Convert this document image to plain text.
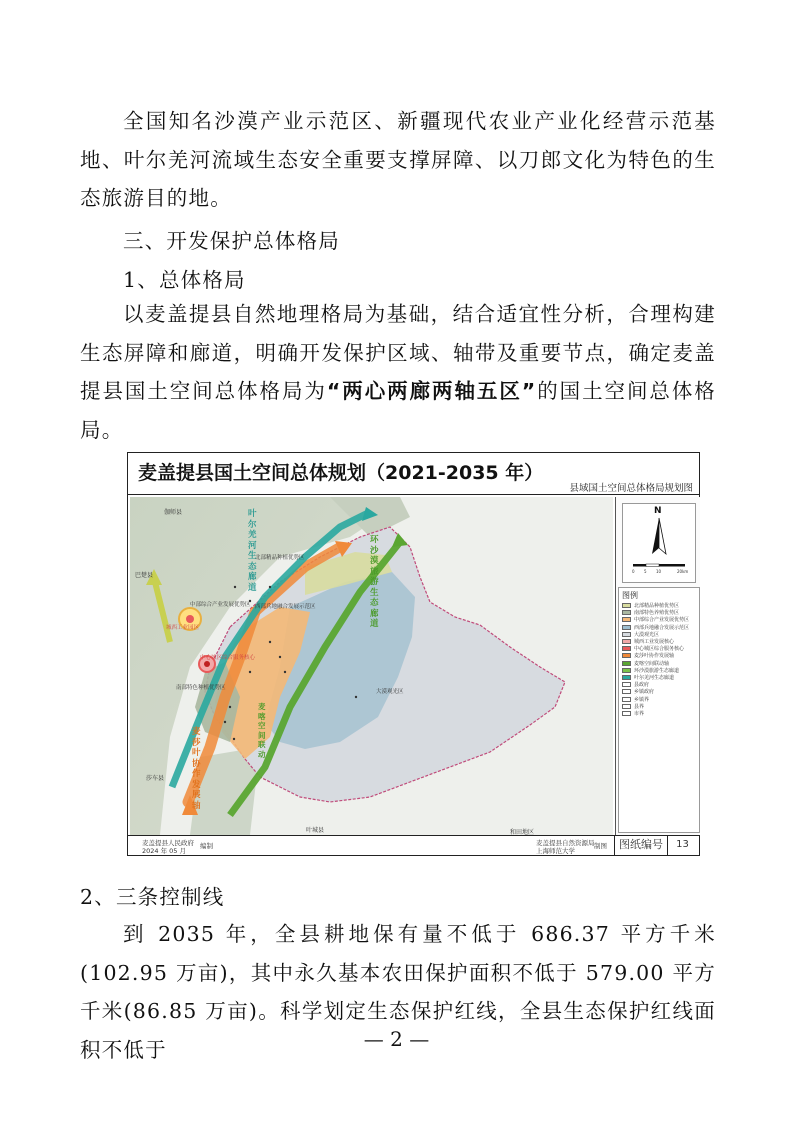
全国知名沙漠产业示范区、新疆现代农业产业化经营示范基地、叶尔羌河流域生态安全重要支撑屏障、以刀郎文化为特色的生态旅游目的地。

三、开发保护总体格局

1、总体格局

以麦盖提县自然地理格局为基础，结合适宜性分析，合理构建生态屏障和廊道，明确开发保护区域、轴带及重要节点，确定麦盖提县国土空间总体格局为“两心两廊两轴五区”的国土空间总体格局。

麦盖提县国土空间总体规划（2021-2035 年）
县域国土空间总体格局规划图
伽师县
巴楚县
莎车县
叶城县	和田地区
叶尔羌河生态廊道
环沙漠旅游生态廊道
麦莎叶协作发展轴
麦喀空间联动
北部精品种植优势区
中部综合产业发展优势区 西部兵地融合发展示范区
南部特色种植优势区
大漠观光区
城西工业园区
中心城区综合服务核心
N
0 5 10	20km
图例
北部精品种植优势区
南部特色养殖优势区
中部综合产业发展优势区
西部兵地融合发展示范区
大漠观光区
城西工业发展核心
中心城区综合服务核心
麦莎叶协作发展轴
麦喀空间联动轴
环沙漠旅游生态廊道
叶尔羌河生态廊道
县政府
乡镇政府
乡镇界
县界
市界
麦盖提县人民政府
2024 年 05 月
编制	麦盖提县自然资源局
上海师范大学
制图	图纸编号	13

2、三条控制线

到 2035 年，全县耕地保有量不低于 686.37 平方千米(102.95 万亩)，其中永久基本农田保护面积不低于 579.00 平方千米(86.85 万亩)。科学划定生态保护红线，全县生态保护红线面积不低于	— 2 —
